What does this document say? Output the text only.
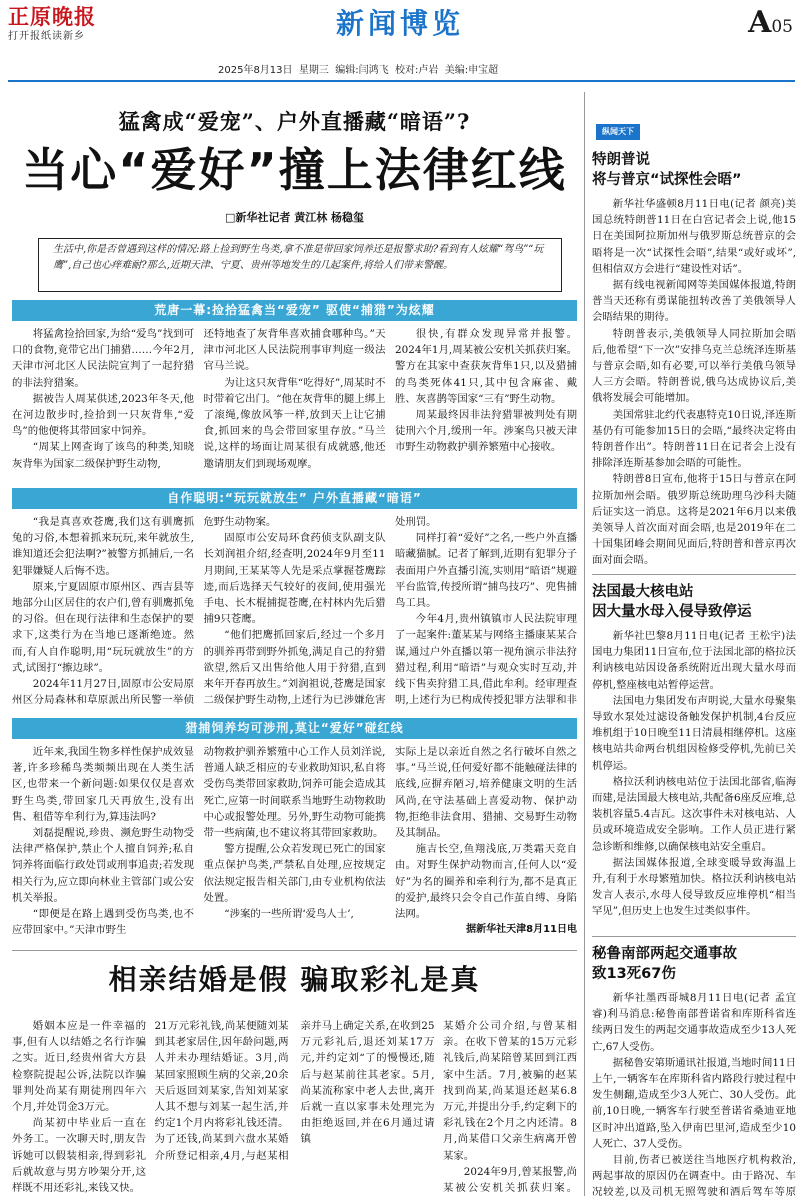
正原晚报
打开报纸读新乡	新闻博览	A05
2025年8月13日 星期三 编辑:闫鸿飞 校对:卢岩 美编:申宝超
猛禽成“爱宠”、户外直播藏“暗语”?
当心“爱好”撞上法律红线
□新华社记者 黄江林 杨稳玺
生活中,你是否曾遇到这样的情况:路上捡到野生鸟类,拿不准是带回家饲养还是报警求助?看到有人炫耀“驾鸟”“玩鹰”,自己也心痒难耐?那么,近期天津、宁夏、贵州等地发生的几起案件,将给人们带来警醒。
荒唐一幕:捡拾猛禽当“爱宠” 驱使“捕猎”为炫耀

将猛禽捡拾回家,为给“爱鸟”找到可口的食物,竟带它出门捕猎……今年2月,天津市河北区人民法院宣判了一起狩猎的非法狩猎案。

据被告人周某供述,2023年冬天,他在河边散步时,捡拾到一只灰背隼,“爱鸟”的他便将其带回家中饲养。

“周某上网查询了该鸟的种类,知晓灰背隼为国家二级保护野生动物,

还特地查了灰背隼喜欢捕食哪种鸟。”天津市河北区人民法院刑事审判庭一级法官马兰说。

为让这只灰背隼“吃得好”,周某时不时带着它出门。“他在灰背隼的腿上绑上了滚绳,像放风筝一样,放到天上让它捕食,抓回来的鸟会带回家里存放。”马兰说,这样的场面让周某很有成就感,他还邀请朋友们到现场观摩。

很快,有群众发现异常并报警。2024年1月,周某被公安机关抓获归案。警方在其家中查获灰背隼1只,以及猎捕的鸟类死体41只,其中包含麻雀、戴胜、灰喜鹊等国家“三有”野生动物。

周某最终因非法狩猎罪被判处有期徒刑六个月,缓刑一年。涉案鸟只被天津市野生动物救护驯养繁殖中心接收。

自作聪明:“玩玩就放生” 户外直播藏“暗语”

“我是真喜欢苍鹰,我们这有驯鹰抓兔的习俗,本想着抓来玩玩,来年就放生,谁知道还会犯法啊?”被警方抓捕后,一名犯罪嫌疑人后悔不迭。

原来,宁夏固原市原州区、西吉县等地部分山区居住的农户们,曾有驯鹰抓兔的习俗。但在现行法律和生态保护的要求下,这类行为在当地已逐渐绝迹。然而,有人自作聪明,用“玩玩就放生”的方式,试图打“擦边球”。

2024年11月27日,固原市公安局原州区分局森林和草原派出所民警一举侦

危野生动物案。

固原市公安局环食药侦支队副支队长刘润祖介绍,经查明,2024年9月至11月期间,王某某等人先是采点掌握苍鹰踪迹,而后选择天气较好的夜间,使用强光手电、长木棍捕捉苍鹰,在村林内先后猎捕9只苍鹰。

“他们把鹰抓回家后,经过一个多月的驯养再带到野外抓兔,满足自己的狩猎欲望,然后又出售给他人用于狩猎,直到来年开春再放生。”刘润祖说,苍鹰是国家二级保护野生动物,上述行为已涉嫌危害

处刑罚。

同样打着“爱好”之名,一些户外直播暗藏猫腻。记者了解到,近期有犯罪分子表面用户外直播引流,实则用“暗语”规避平台监管,传授所谓“捕鸟技巧”、兜售捕鸟工具。

今年4月,贵州镇镇市人民法院审理了一起案件:董某某与网络主播康某某合谋,通过户外直播以第一视角演示非法狩猎过程,利用“暗语”与观众实时互动,并线下售卖狩猎工具,借此牟利。经审理查明,上述行为已构成传授犯罪方法罪和非

猎捕饲养均可涉刑,莫让“爱好”碰红线

近年来,我国生物多样性保护成效显著,许多珍稀鸟类频频出现在人类生活区,也带来一个新问题:如果仅仅是喜欢野生鸟类,带回家几天再放生,没有出售、租借等牟利行为,算违法吗?

刘磊提醒说,珍贵、濒危野生动物受法律严格保护,禁止个人擅自饲养;私自饲养将面临行政处罚或刑事追责;若发现相关行为,应立即向林业主管部门或公安机关举报。

“即便是在路上遇到受伤鸟类,也不应带回家中。”天津市野生

动物救护驯养繁殖中心工作人员刘洋说,普通人缺乏相应的专业救助知识,私自将受伤鸟类带回家救助,饲养可能会造成其死亡,应第一时间联系当地野生动物救助中心或报警处理。另外,野生动物可能携带一些病菌,也不建议将其带回家救助。

警方提醒,公众若发现已死亡的国家重点保护鸟类,严禁私自处理,应按规定依法规定报告相关部门,由专业机构依法处置。

“涉案的一些所谓‘爱鸟人士’,

实际上是以亲近自然之名行破坏自然之事。”马兰说,任何爱好都不能触碰法律的底线,应摒弃陋习,培养健康文明的生活风尚,在守法基础上喜爱动物、保护动物,拒绝非法食用、猎捕、交易野生动物及其制品。

施吉长空,鱼翔浅底,万类霜天竞自由。对野生保护动物而言,任何人以“爱好”为名的圈养和牵利行为,都不是真正的爱护,最终只会令自己作茧自缚、身陷法网。

据新华社天津8月11日电
相亲结婚是假 骗取彩礼是真

婚姻本应是一件幸福的事,但有人以结婚之名行诈骗之实。近日,经贵州省大方县检察院提起公诉,法院以诈骗罪判处尚某有期徒刑四年六个月,并处罚金3万元。

尚某初中毕业后一直在外务工。一次聊天时,朋友告诉她可以假装相亲,得到彩礼后就故意与男方吵架分开,这样既不用还彩礼,来钱又快。

21万元彩礼钱,尚某便随刘某到其老家居住,因年龄问题,两人并未办理结婚证。3月,尚某回家照顾生病的父亲,20余天后返回刘某家,告知刘某家人其不想与刘某一起生活,并约定1个月内将彩礼钱还清。为了还钱,尚某到六盘水某婚介所登记相亲,4月,与赵某相亲并马上确定关系,在收到25万元彩礼后,退还刘某17万元,并约定刘“了的慢慢还,随后与赵某前往其老家。5月,尚某流称家中老人去世,离开后就一直以家事未处理完为由拒绝返回,并在6月通过请镇

某婚介公司介绍,与曾某相亲。在收下曾某的15万元彩礼钱后,尚某陪曾某回到江西家中生活。7月,被骗的赵某找到尚某,尚某退还赵某6.8万元,并提出分手,约定剩下的彩礼钱在2个月之内还清。8月,尚某借口父亲生病离开曾某家。

2024年9月,曾某报警,尚某被公安机关抓获归案。

纵闻天下
特朗普说
将与普京“试探性会晤”

新华社华盛顿8月11日电(记者 颜亮)美国总统特朗普11日在白宫记者会上说,他15日在美国阿拉斯加州与俄罗斯总统普京的会晤将是一次“试探性会晤”,结果“或好或坏”,但相信双方会进行“建设性对话”。

据有线电视新闻网等美国媒体报道,特朗普当天还称有勇谋能扭转改善了美俄领导人会晤结果的期待。

特朗普表示,美俄领导人同拉斯加会晤后,他希望“下一次”安排乌克兰总统泽连斯基与普京会晤,如有必要,可以举行美俄乌领导人三方会晤。特朗普说,俄乌达成协议后,美俄将发展会可能增加。

美国常驻北约代表惠特克10日说,泽连斯基仍有可能参加15日的会晤,“最终决定将由特朗普作出”。特朗普11日在记者会上没有排除泽连斯基参加会晤的可能性。

特朗普8日宣布,他将于15日与普京在阿拉斯加州会晤。俄罗斯总统助理乌沙科夫随后证实这一消息。这将是2021年6月以来俄美领导人首次面对面会晤,也是2019年在二十国集团峰会期间见面后,特朗普和普京再次面对面会晤。

法国最大核电站
因大量水母入侵导致停运

新华社巴黎8月11日电(记者 王松宇)法国电力集团11日宣布,位于法国北部的格拉沃利讷核电站因设备系统附近出现大量水母而停机,整座核电站暂停运营。

法国电力集团发布声明说,大量水母聚集导致水泵处过滤设备触发保护机制,4台反应堆机组于10日晚至11日清晨相继停机。这座核电站共命两台机组因检修受停机,先前已关机停运。

格拉沃利讷核电站位于法国北部省,临海而建,是法国最大核电站,共配备6座反应堆,总装机容量5.4吉瓦。这次事件未对核电站、人员或环境造成安全影响。工作人员正进行紧急诊断和维修,以确保核电站安全重启。

据法国媒体报道,全球变暖导致海温上升,有利于水母繁殖加快。格拉沃利讷核电站发言人表示,水母人侵导致反应堆停机“相当罕见”,但历史上也发生过类似事件。

秘鲁南部两起交通事故
致13死67伤

新华社墨西哥城8月11日电(记者 孟宜睿)利马消息:秘鲁南部普诺省和库斯科省连续两日发生的两起交通事故造成至少13人死亡,67人受伤。

据秘鲁安第斯通讯社报道,当地时间11日上午,一辆客车在库斯科省内路段行驶过程中发生侧翻,造成至少3人死亡、30人受伤。此前,10日晚,一辆客车行驶至普诺省桑迪亚地区时冲出道路,坠入伊南巴里河,造成至少10人死亡、37人受伤。

目前,伤者已被送往当地医疗机构救治,两起事故的原因仍在调查中。由于路况、车况较差,以及司机无照驾驶和酒后驾车等原
